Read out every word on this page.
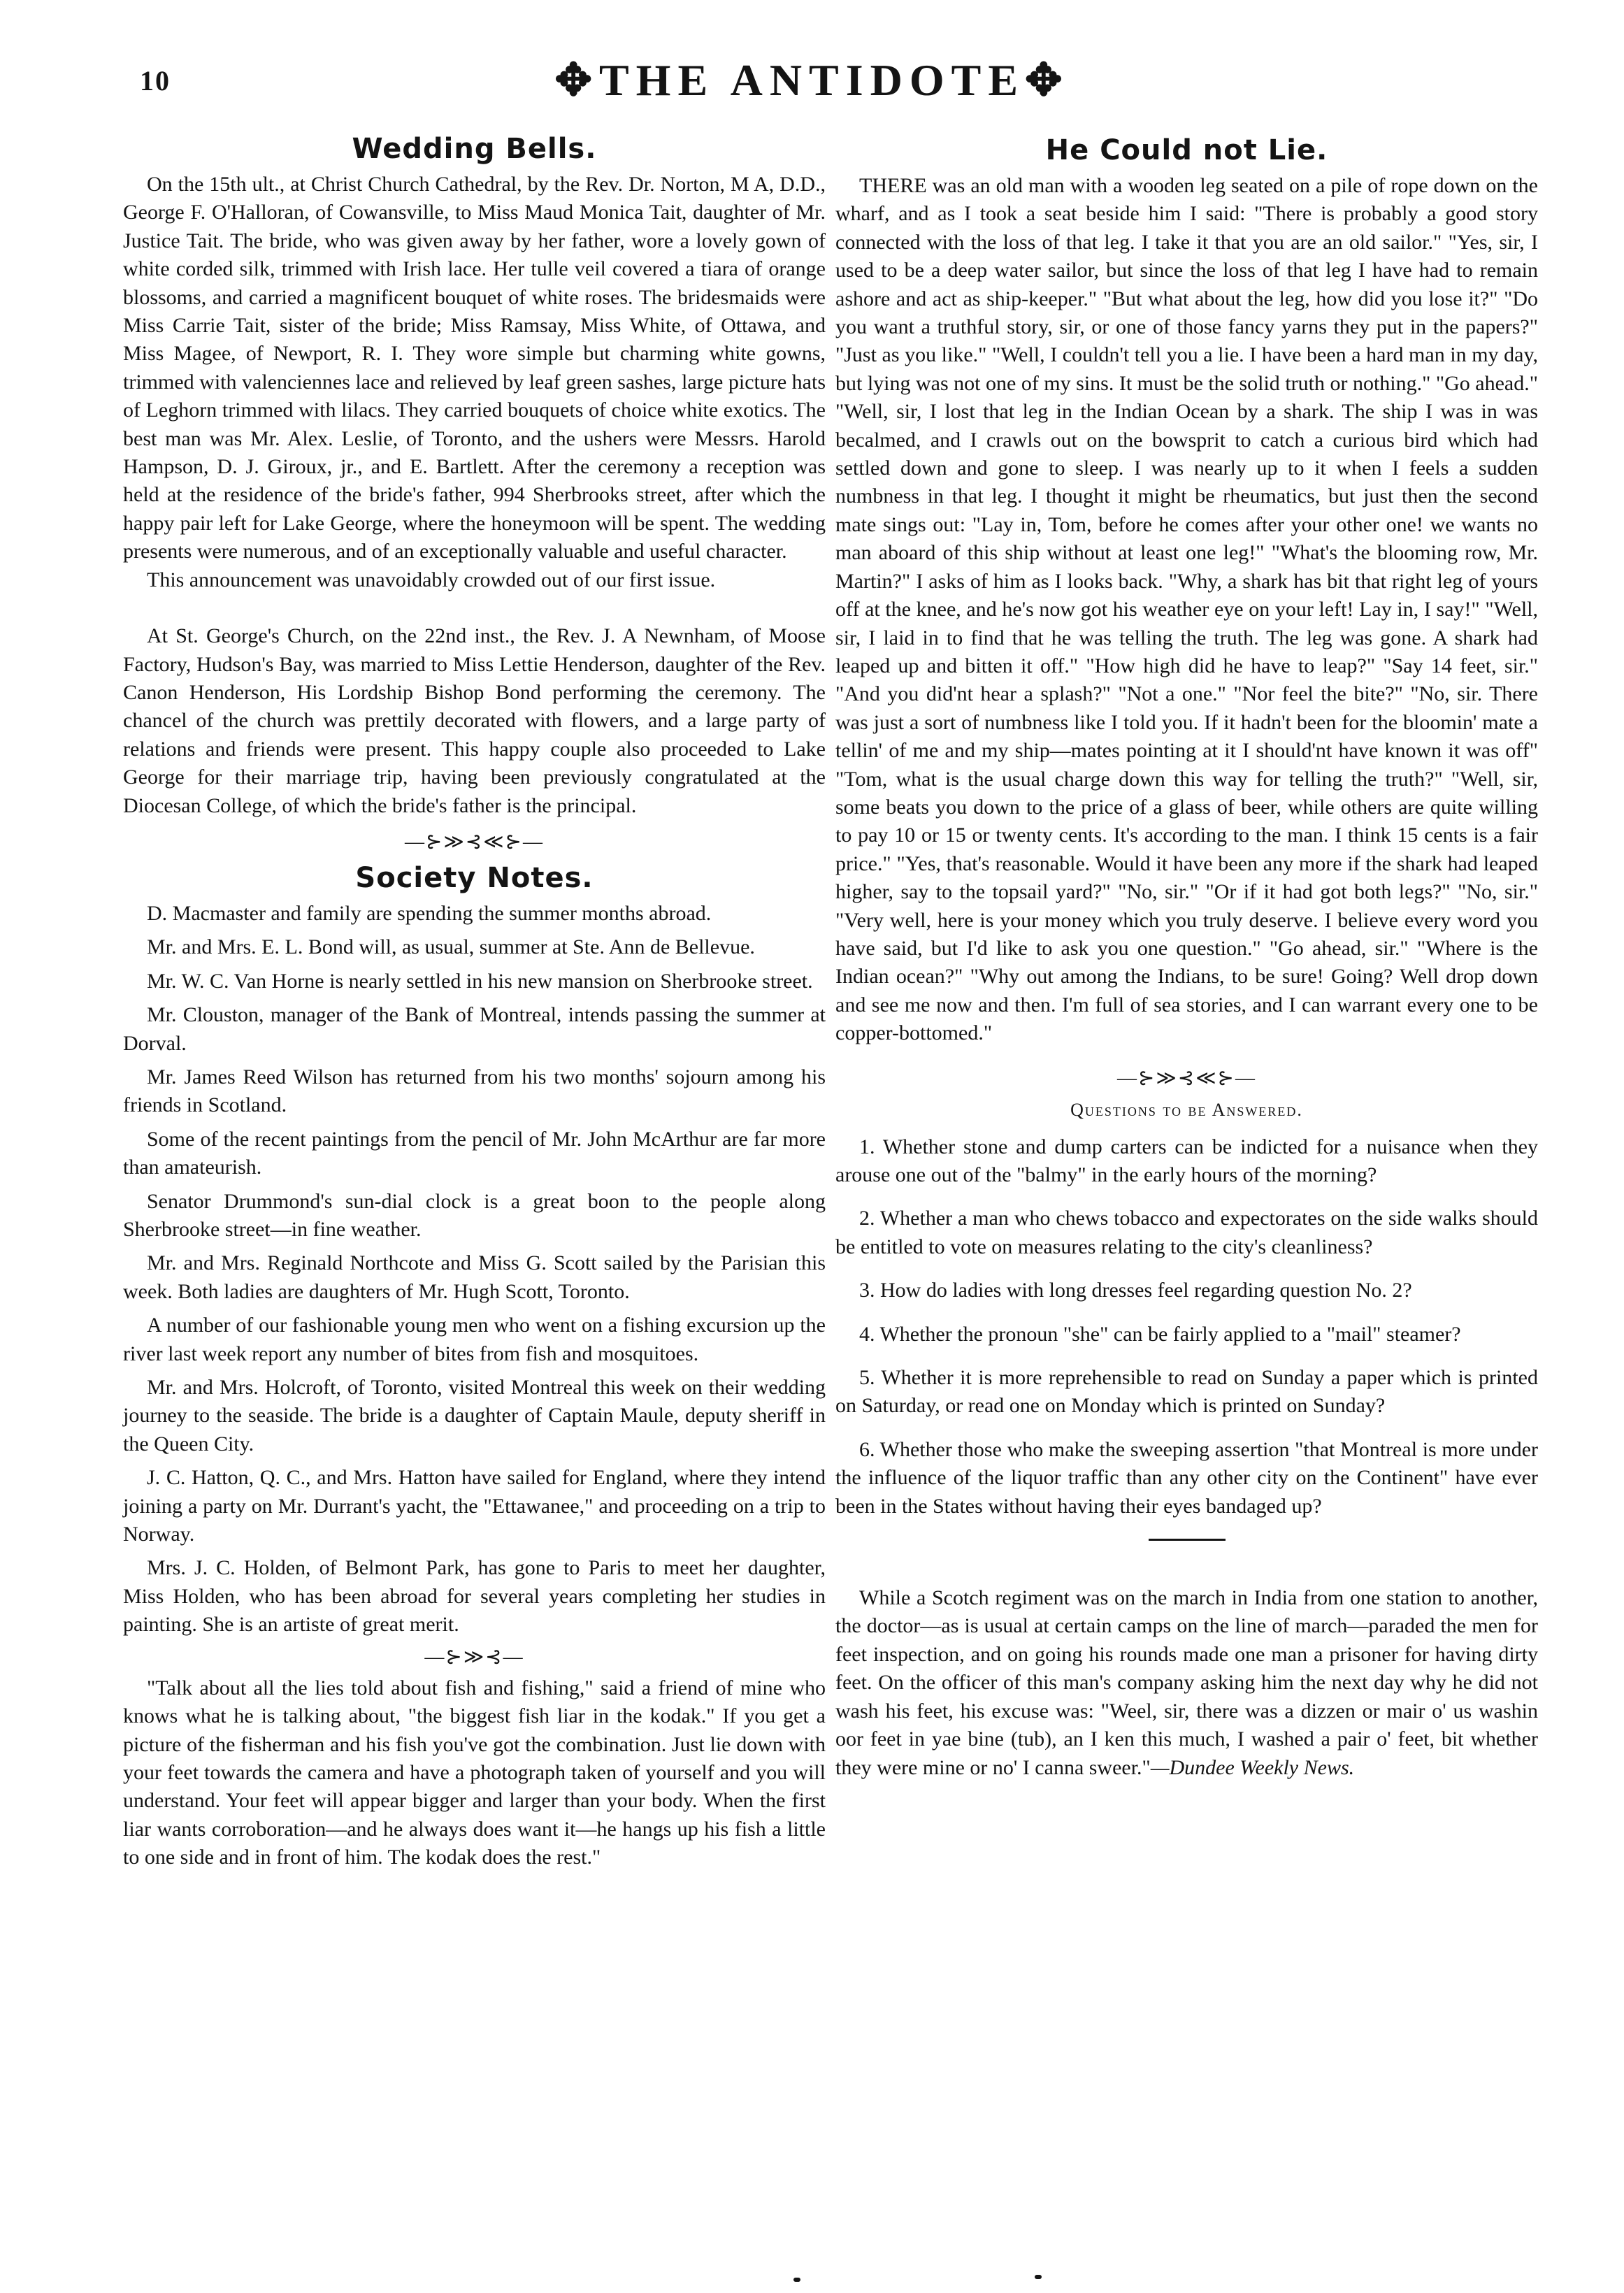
10	✥THE ANTIDOTE✥
Wedding Bells.

On the 15th ult., at Christ Church Cathedral, by the Rev. Dr. Norton, M A, D.D., George F. O'Halloran, of Cowansville, to Miss Maud Monica Tait, daughter of Mr. Justice Tait. The bride, who was given away by her father, wore a lovely gown of white corded silk, trimmed with Irish lace. Her tulle veil covered a tiara of orange blossoms, and carried a magnificent bouquet of white roses. The bridesmaids were Miss Carrie Tait, sister of the bride; Miss Ramsay, Miss White, of Ottawa, and Miss Magee, of Newport, R. I. They wore simple but charming white gowns, trimmed with valenciennes lace and relieved by leaf green sashes, large picture hats of Leghorn trimmed with lilacs. They carried bouquets of choice white exotics. The best man was Mr. Alex. Leslie, of Toronto, and the ushers were Messrs. Harold Hampson, D. J. Giroux, jr., and E. Bartlett. After the ceremony a reception was held at the residence of the bride's father, 994 Sherbrooks street, after which the happy pair left for Lake George, where the honeymoon will be spent. The wedding presents were numerous, and of an exceptionally valuable and useful character.

This announcement was unavoidably crowded out of our first issue.

At St. George's Church, on the 22nd inst., the Rev. J. A Newnham, of Moose Factory, Hudson's Bay, was married to Miss Lettie Henderson, daughter of the Rev. Canon Henderson, His Lordship Bishop Bond performing the ceremony. The chancel of the church was prettily decorated with flowers, and a large party of relations and friends were present. This happy couple also proceeded to Lake George for their marriage trip, having been previously congratulated at the Diocesan College, of which the bride's father is the principal.

—⊱≫⊰≪⊱—
Society Notes.

D. Macmaster and family are spending the summer months abroad.

Mr. and Mrs. E. L. Bond will, as usual, summer at Ste. Ann de Bellevue.

Mr. W. C. Van Horne is nearly settled in his new mansion on Sherbrooke street.

Mr. Clouston, manager of the Bank of Montreal, intends passing the summer at Dorval.

Mr. James Reed Wilson has returned from his two months' sojourn among his friends in Scotland.

Some of the recent paintings from the pencil of Mr. John McArthur are far more than amateurish.

Senator Drummond's sun-dial clock is a great boon to the people along Sherbrooke street—in fine weather.

Mr. and Mrs. Reginald Northcote and Miss G. Scott sailed by the Parisian this week. Both ladies are daughters of Mr. Hugh Scott, Toronto.

A number of our fashionable young men who went on a fishing excursion up the river last week report any number of bites from fish and mosquitoes.

Mr. and Mrs. Holcroft, of Toronto, visited Montreal this week on their wedding journey to the seaside. The bride is a daughter of Captain Maule, deputy sheriff in the Queen City.

J. C. Hatton, Q. C., and Mrs. Hatton have sailed for England, where they intend joining a party on Mr. Durrant's yacht, the "Ettawanee," and proceeding on a trip to Norway.

Mrs. J. C. Holden, of Belmont Park, has gone to Paris to meet her daughter, Miss Holden, who has been abroad for several years completing her studies in painting. She is an artiste of great merit.

—⊱≫⊰—

"Talk about all the lies told about fish and fishing," said a friend of mine who knows what he is talking about, "the biggest fish liar in the kodak." If you get a picture of the fisherman and his fish you've got the combination. Just lie down with your feet towards the camera and have a photograph taken of yourself and you will understand. Your feet will appear bigger and larger than your body. When the first liar wants corroboration—and he always does want it—he hangs up his fish a little to one side and in front of him. The kodak does the rest."

He Could not Lie.

THERE was an old man with a wooden leg seated on a pile of rope down on the wharf, and as I took a seat beside him I said: "There is probably a good story connected with the loss of that leg. I take it that you are an old sailor." "Yes, sir, I used to be a deep water sailor, but since the loss of that leg I have had to remain ashore and act as ship-keeper." "But what about the leg, how did you lose it?" "Do you want a truthful story, sir, or one of those fancy yarns they put in the papers?" "Just as you like." "Well, I couldn't tell you a lie. I have been a hard man in my day, but lying was not one of my sins. It must be the solid truth or nothing." "Go ahead." "Well, sir, I lost that leg in the Indian Ocean by a shark. The ship I was in was becalmed, and I crawls out on the bowsprit to catch a curious bird which had settled down and gone to sleep. I was nearly up to it when I feels a sudden numbness in that leg. I thought it might be rheumatics, but just then the second mate sings out: "Lay in, Tom, before he comes after your other one! we wants no man aboard of this ship without at least one leg!" "What's the blooming row, Mr. Martin?" I asks of him as I looks back. "Why, a shark has bit that right leg of yours off at the knee, and he's now got his weather eye on your left! Lay in, I say!" "Well, sir, I laid in to find that he was telling the truth. The leg was gone. A shark had leaped up and bitten it off." "How high did he have to leap?" "Say 14 feet, sir." "And you did'nt hear a splash?" "Not a one." "Nor feel the bite?" "No, sir. There was just a sort of numbness like I told you. If it hadn't been for the bloomin' mate a tellin' of me and my ship—mates pointing at it I should'nt have known it was off" "Tom, what is the usual charge down this way for telling the truth?" "Well, sir, some beats you down to the price of a glass of beer, while others are quite willing to pay 10 or 15 or twenty cents. It's according to the man. I think 15 cents is a fair price." "Yes, that's reasonable. Would it have been any more if the shark had leaped higher, say to the topsail yard?" "No, sir." "Or if it had got both legs?" "No, sir." "Very well, here is your money which you truly deserve. I believe every word you have said, but I'd like to ask you one question." "Go ahead, sir." "Where is the Indian ocean?" "Why out among the Indians, to be sure! Going? Well drop down and see me now and then. I'm full of sea stories, and I can warrant every one to be copper-bottomed."

—⊱≫⊰≪⊱—
Questions to be Answered.

1. Whether stone and dump carters can be indicted for a nuisance when they arouse one out of the "balmy" in the early hours of the morning?

2. Whether a man who chews tobacco and expectorates on the side walks should be entitled to vote on measures relating to the city's cleanliness?

3. How do ladies with long dresses feel regarding question No. 2?

4. Whether the pronoun "she" can be fairly applied to a "mail" steamer?

5. Whether it is more reprehensible to read on Sunday a paper which is printed on Saturday, or read one on Monday which is printed on Sunday?

6. Whether those who make the sweeping assertion "that Montreal is more under the influence of the liquor traffic than any other city on the Continent" have ever been in the States without having their eyes bandaged up?

While a Scotch regiment was on the march in India from one station to another, the doctor—as is usual at certain camps on the line of march—paraded the men for feet inspection, and on going his rounds made one man a prisoner for having dirty feet. On the officer of this man's company asking him the next day why he did not wash his feet, his excuse was: "Weel, sir, there was a dizzen or mair o' us washin oor feet in yae bine (tub), an I ken this much, I washed a pair o' feet, bit whether they were mine or no' I canna sweer."—Dundee Weekly News.
